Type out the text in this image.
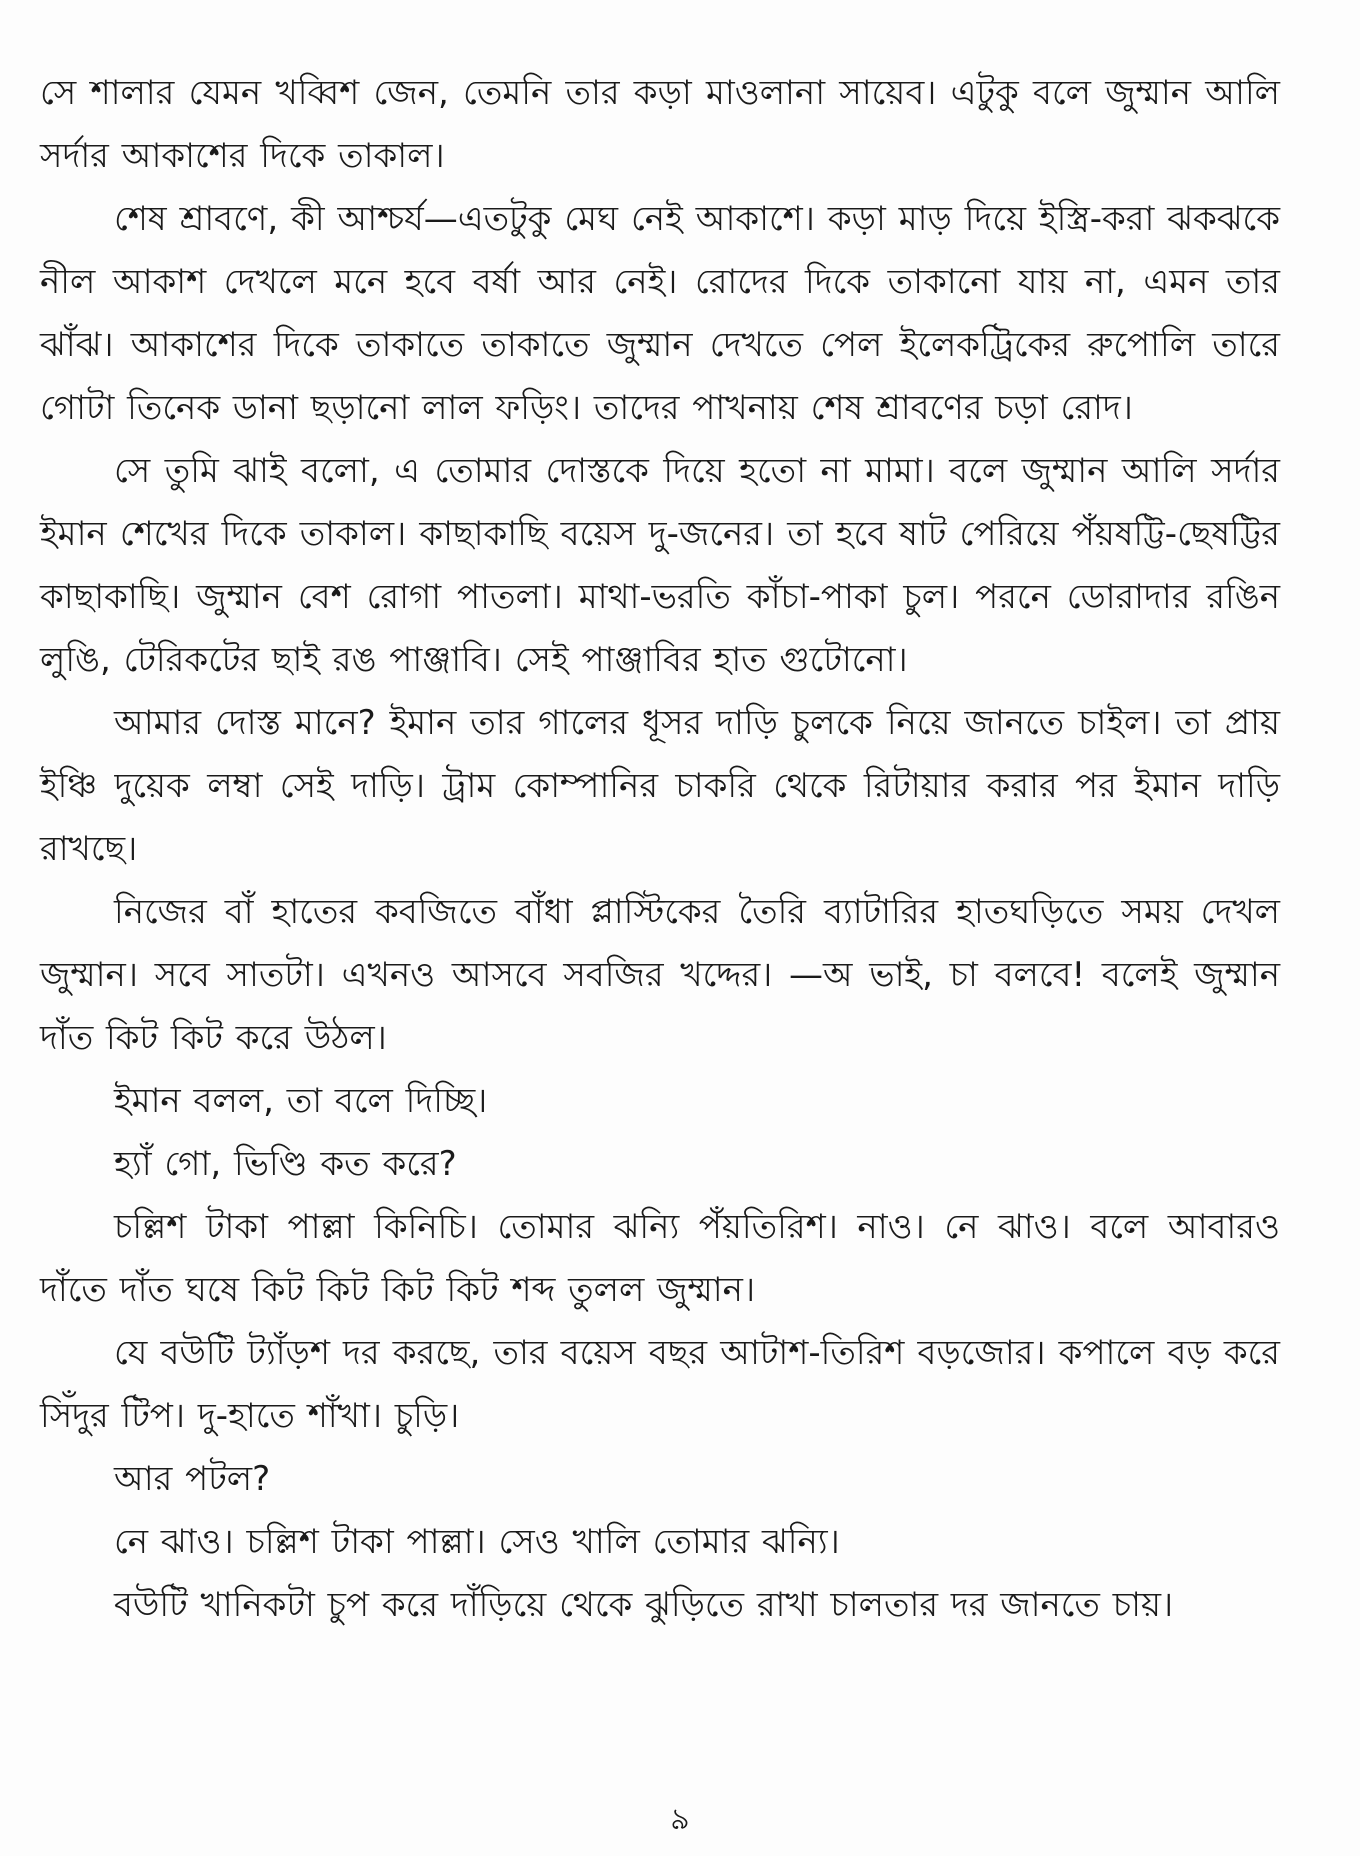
সে শালার যেমন খব্বিশ জেন, তেমনি তার কড়া মাওলানা সায়েব। এটুকু বলে জুম্মান আলি সর্দার আকাশের দিকে তাকাল।

শেষ শ্রাবণে, কী আশ্চর্য—এতটুকু মেঘ নেই আকাশে। কড়া মাড় দিয়ে ইস্ত্রি-করা ঝকঝকে নীল আকাশ দেখলে মনে হবে বর্ষা আর নেই। রোদের দিকে তাকানো যায় না, এমন তার ঝাঁঝ। আকাশের দিকে তাকাতে তাকাতে জুম্মান দেখতে পেল ইলেকট্রিকের রুপোলি তারে গোটা তিনেক ডানা ছড়ানো লাল ফড়িং। তাদের পাখনায় শেষ শ্রাবণের চড়া রোদ।

সে তুমি ঝাই বলো, এ তোমার দোস্তকে দিয়ে হতো না মামা। বলে জুম্মান আলি সর্দার ইমান শেখের দিকে তাকাল। কাছাকাছি বয়েস দু-জনের। তা হবে ষাট পেরিয়ে পঁয়ষট্টি-ছেষট্টির কাছাকাছি। জুম্মান বেশ রোগা পাতলা। মাথা-ভরতি কাঁচা-পাকা চুল। পরনে ডোরাদার রঙিন লুঙি, টেরিকটের ছাই রঙ পাঞ্জাবি। সেই পাঞ্জাবির হাত গুটোনো।

আমার দোস্ত মানে? ইমান তার গালের ধূসর দাড়ি চুলকে নিয়ে জানতে চাইল। তা প্রায় ইঞ্চি দুয়েক লম্বা সেই দাড়ি। ট্রাম কোম্পানির চাকরি থেকে রিটায়ার করার পর ইমান দাড়ি রাখছে।

নিজের বাঁ হাতের কবজিতে বাঁধা প্লাস্টিকের তৈরি ব্যাটারির হাতঘড়িতে সময় দেখল জুম্মান। সবে সাতটা। এখনও আসবে সবজির খদ্দের। —অ ভাই, চা বলবে! বলেই জুম্মান দাঁত কিট কিট করে উঠল।

ইমান বলল, তা বলে দিচ্ছি।

হ্যাঁ গো, ভিণ্ডি কত করে?

চল্লিশ টাকা পাল্লা কিনিচি। তোমার ঝন্যি পঁয়তিরিশ। নাও। নে ঝাও। বলে আবারও দাঁতে দাঁত ঘষে কিট কিট কিট কিট শব্দ তুলল জুম্মান।

যে বউটি ট্যাঁড়শ দর করছে, তার বয়েস বছর আটাশ-তিরিশ বড়জোর। কপালে বড় করে সিঁদুর টিপ। দু-হাতে শাঁখা। চুড়ি।

আর পটল?

নে ঝাও। চল্লিশ টাকা পাল্লা। সেও খালি তোমার ঝন্যি।

বউটি খানিকটা চুপ করে দাঁড়িয়ে থেকে ঝুড়িতে রাখা চালতার দর জানতে চায়।

৯
